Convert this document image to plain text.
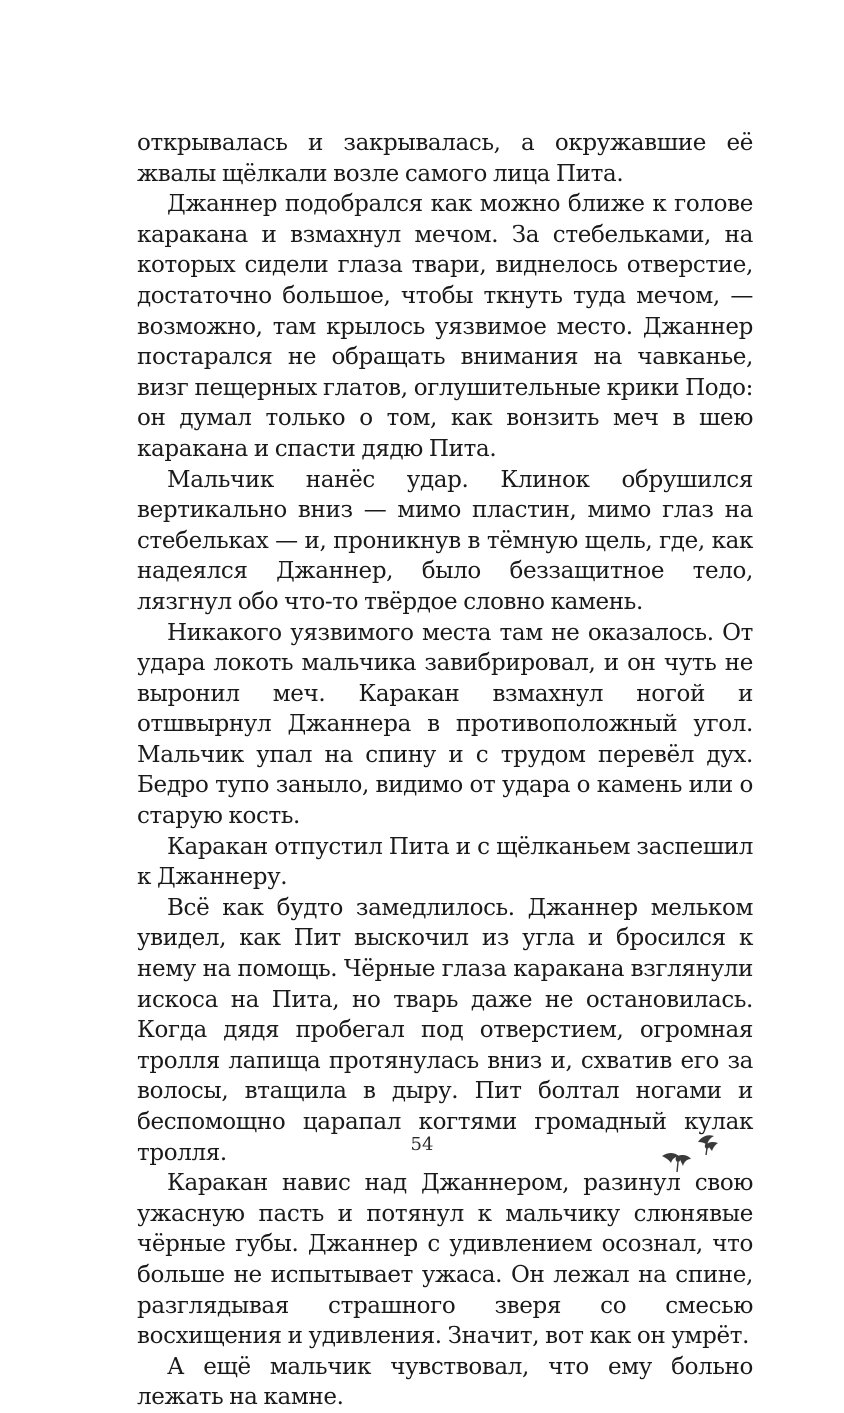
открывалась и закрывалась, а окружавшие её жвалы щёлкали возле самого лица Пита.

Джаннер подобрался как можно ближе к голове каракана и взмахнул мечом. За стебельками, на которых сидели глаза твари, виднелось отверстие, достаточно большое, чтобы ткнуть туда мечом, — возможно, там крылось уязвимое место. Джаннер постарался не обращать внимания на чавканье, визг пещерных глатов, оглушительные крики Подо: он думал только о том, как вонзить меч в шею каракана и спасти дядю Пита.

Мальчик нанёс удар. Клинок обрушился вертикально вниз — мимо пластин, мимо глаз на стебельках — и, проникнув в тёмную щель, где, как надеялся Джаннер, было беззащитное тело, лязгнул обо что-то твёрдое словно камень.

Никакого уязвимого места там не оказалось. От удара локоть мальчика завибрировал, и он чуть не выронил меч. Каракан взмахнул ногой и отшвырнул Джаннера в противоположный угол. Мальчик упал на спину и с трудом перевёл дух. Бедро тупо заныло, видимо от удара о камень или о старую кость.

Каракан отпустил Пита и с щёлканьем заспешил к Джаннеру.

Всё как будто замедлилось. Джаннер мельком увидел, как Пит выскочил из угла и бросился к нему на помощь. Чёрные глаза каракана взглянули искоса на Пита, но тварь даже не остановилась. Когда дядя пробегал под отверстием, огромная тролля лапища протянулась вниз и, схватив его за волосы, втащила в дыру. Пит болтал ногами и беспомощно царапал когтями громадный кулак тролля.

Каракан навис над Джаннером, разинул свою ужасную пасть и потянул к мальчику слюнявые чёрные губы. Джаннер с удивлением осознал, что больше не испытывает ужаса. Он лежал на спине, разглядывая страшного зверя со смесью восхищения и удивления. Значит, вот как он умрёт.

А ещё мальчик чувствовал, что ему больно лежать на камне.

54
